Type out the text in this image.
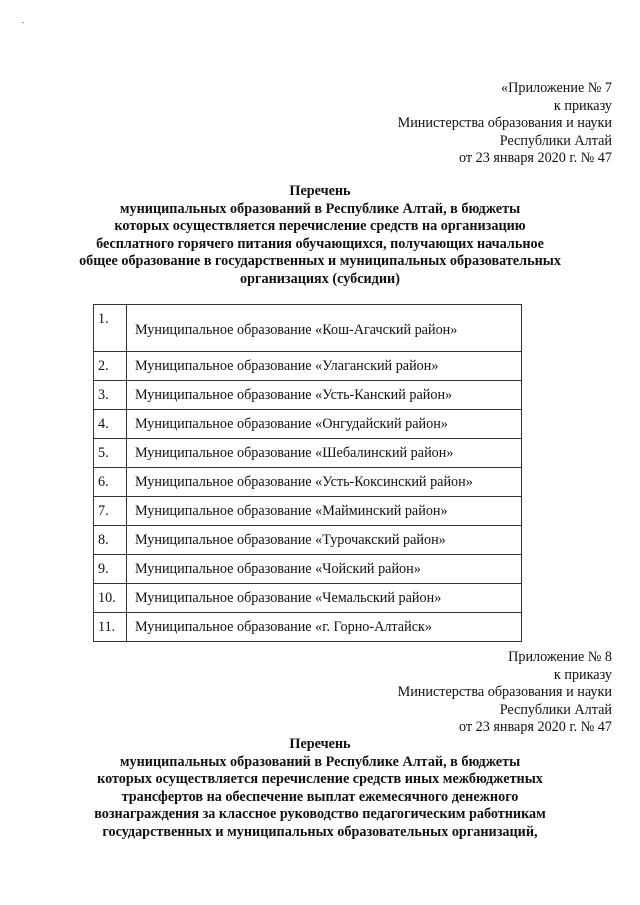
«Приложение № 7
к приказу
Министерства образования и науки
Республики Алтай
от 23 января 2020 г. № 47
Перечень
муниципальных образований в Республике Алтай, в бюджеты
которых осуществляется перечисление средств на организацию
бесплатного горячего питания обучающихся, получающих начальное
общее образование в государственных и муниципальных образовательных
организациях (субсидии)
1.	Муниципальное образование «Кош-Агачский район»
2.	Муниципальное образование «Улаганский район»
3.	Муниципальное образование «Усть-Канский район»
4.	Муниципальное образование «Онгудайский район»
5.	Муниципальное образование «Шебалинский район»
6.	Муниципальное образование «Усть-Коксинский район»
7.	Муниципальное образование «Майминский район»
8.	Муниципальное образование «Турочакский район»
9.	Муниципальное образование «Чойский район»
10.	Муниципальное образование «Чемальский район»
11.	Муниципальное образование «г. Горно-Алтайск»
Приложение № 8
к приказу
Министерства образования и науки
Республики Алтай
от 23 января 2020 г. № 47
Перечень
муниципальных образований в Республике Алтай, в бюджеты
которых осуществляется перечисление средств иных межбюджетных
трансфертов на обеспечение выплат ежемесячного денежного
вознаграждения за классное руководство педагогическим работникам
государственных и муниципальных образовательных организаций,
